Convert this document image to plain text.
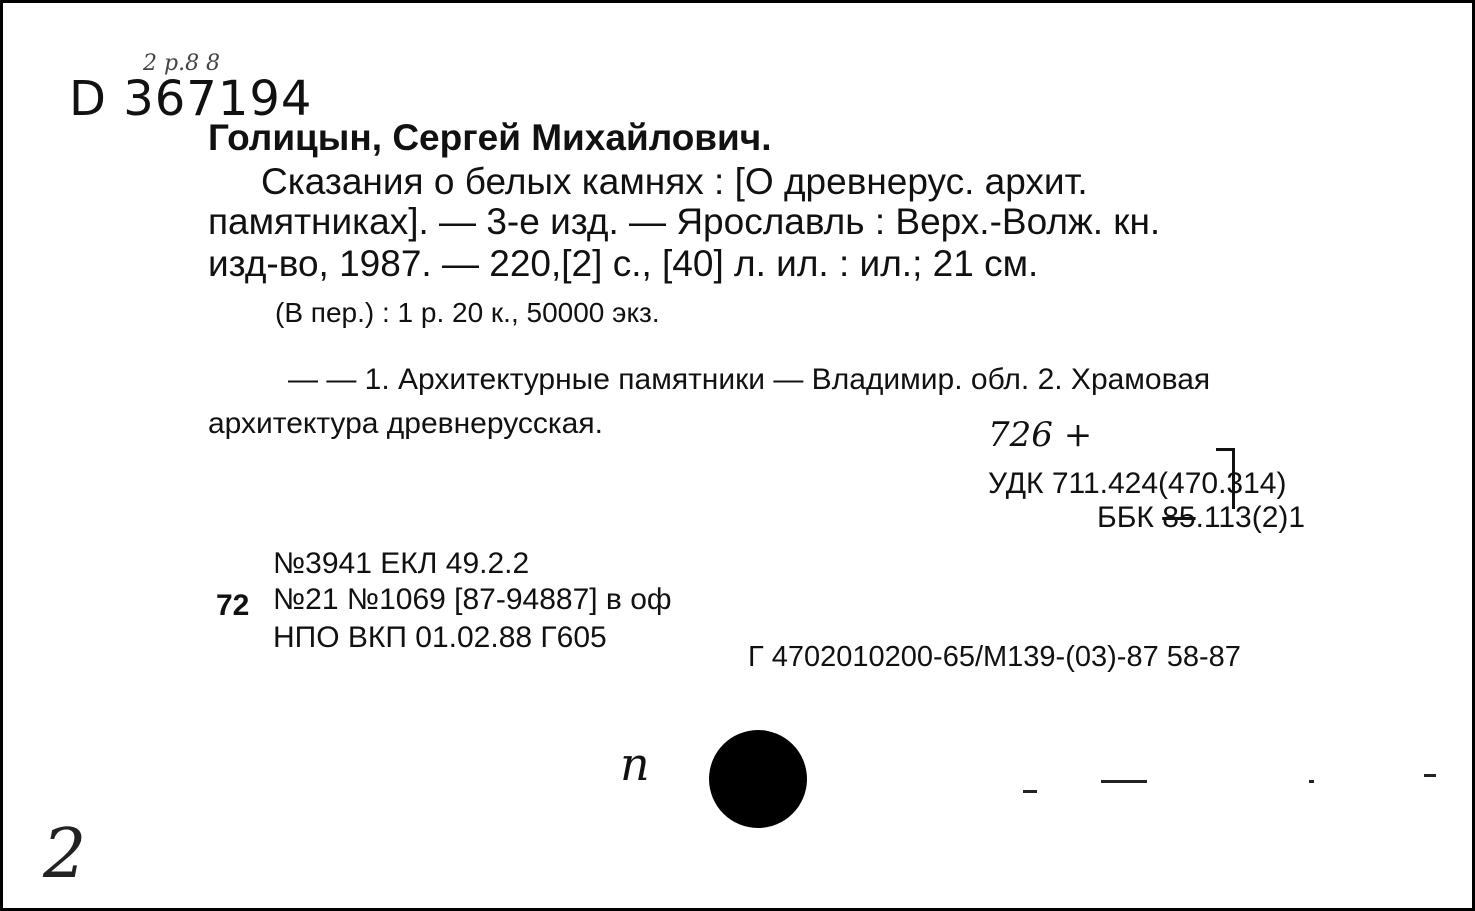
D 367194
2 р.8 8
Голицын, Сергей Михайлович.
Сказания о белых камнях : [О древнерус. архит.
памятниках]. — 3-е изд. — Ярославль : Верх.-Волж. кн.
изд-во, 1987. — 220,[2] с., [40] л. ил. : ил.; 21 см.
(В пер.) : 1 р. 20 к., 50000 экз.
— — 1. Архитектурные памятники — Владимир. обл. 2. Храмовая
архитектура древнерусская.	726 +
УДК 711.424(470.314)
ББК 85.113(2)1
№3941 ЕКЛ 49.2.2
72 №21 №1069 [87-94887] в оф
НПО ВКП 01.02.88 Г605
Г 4702010200-65/М139-(03)-87 58-87
n
2
